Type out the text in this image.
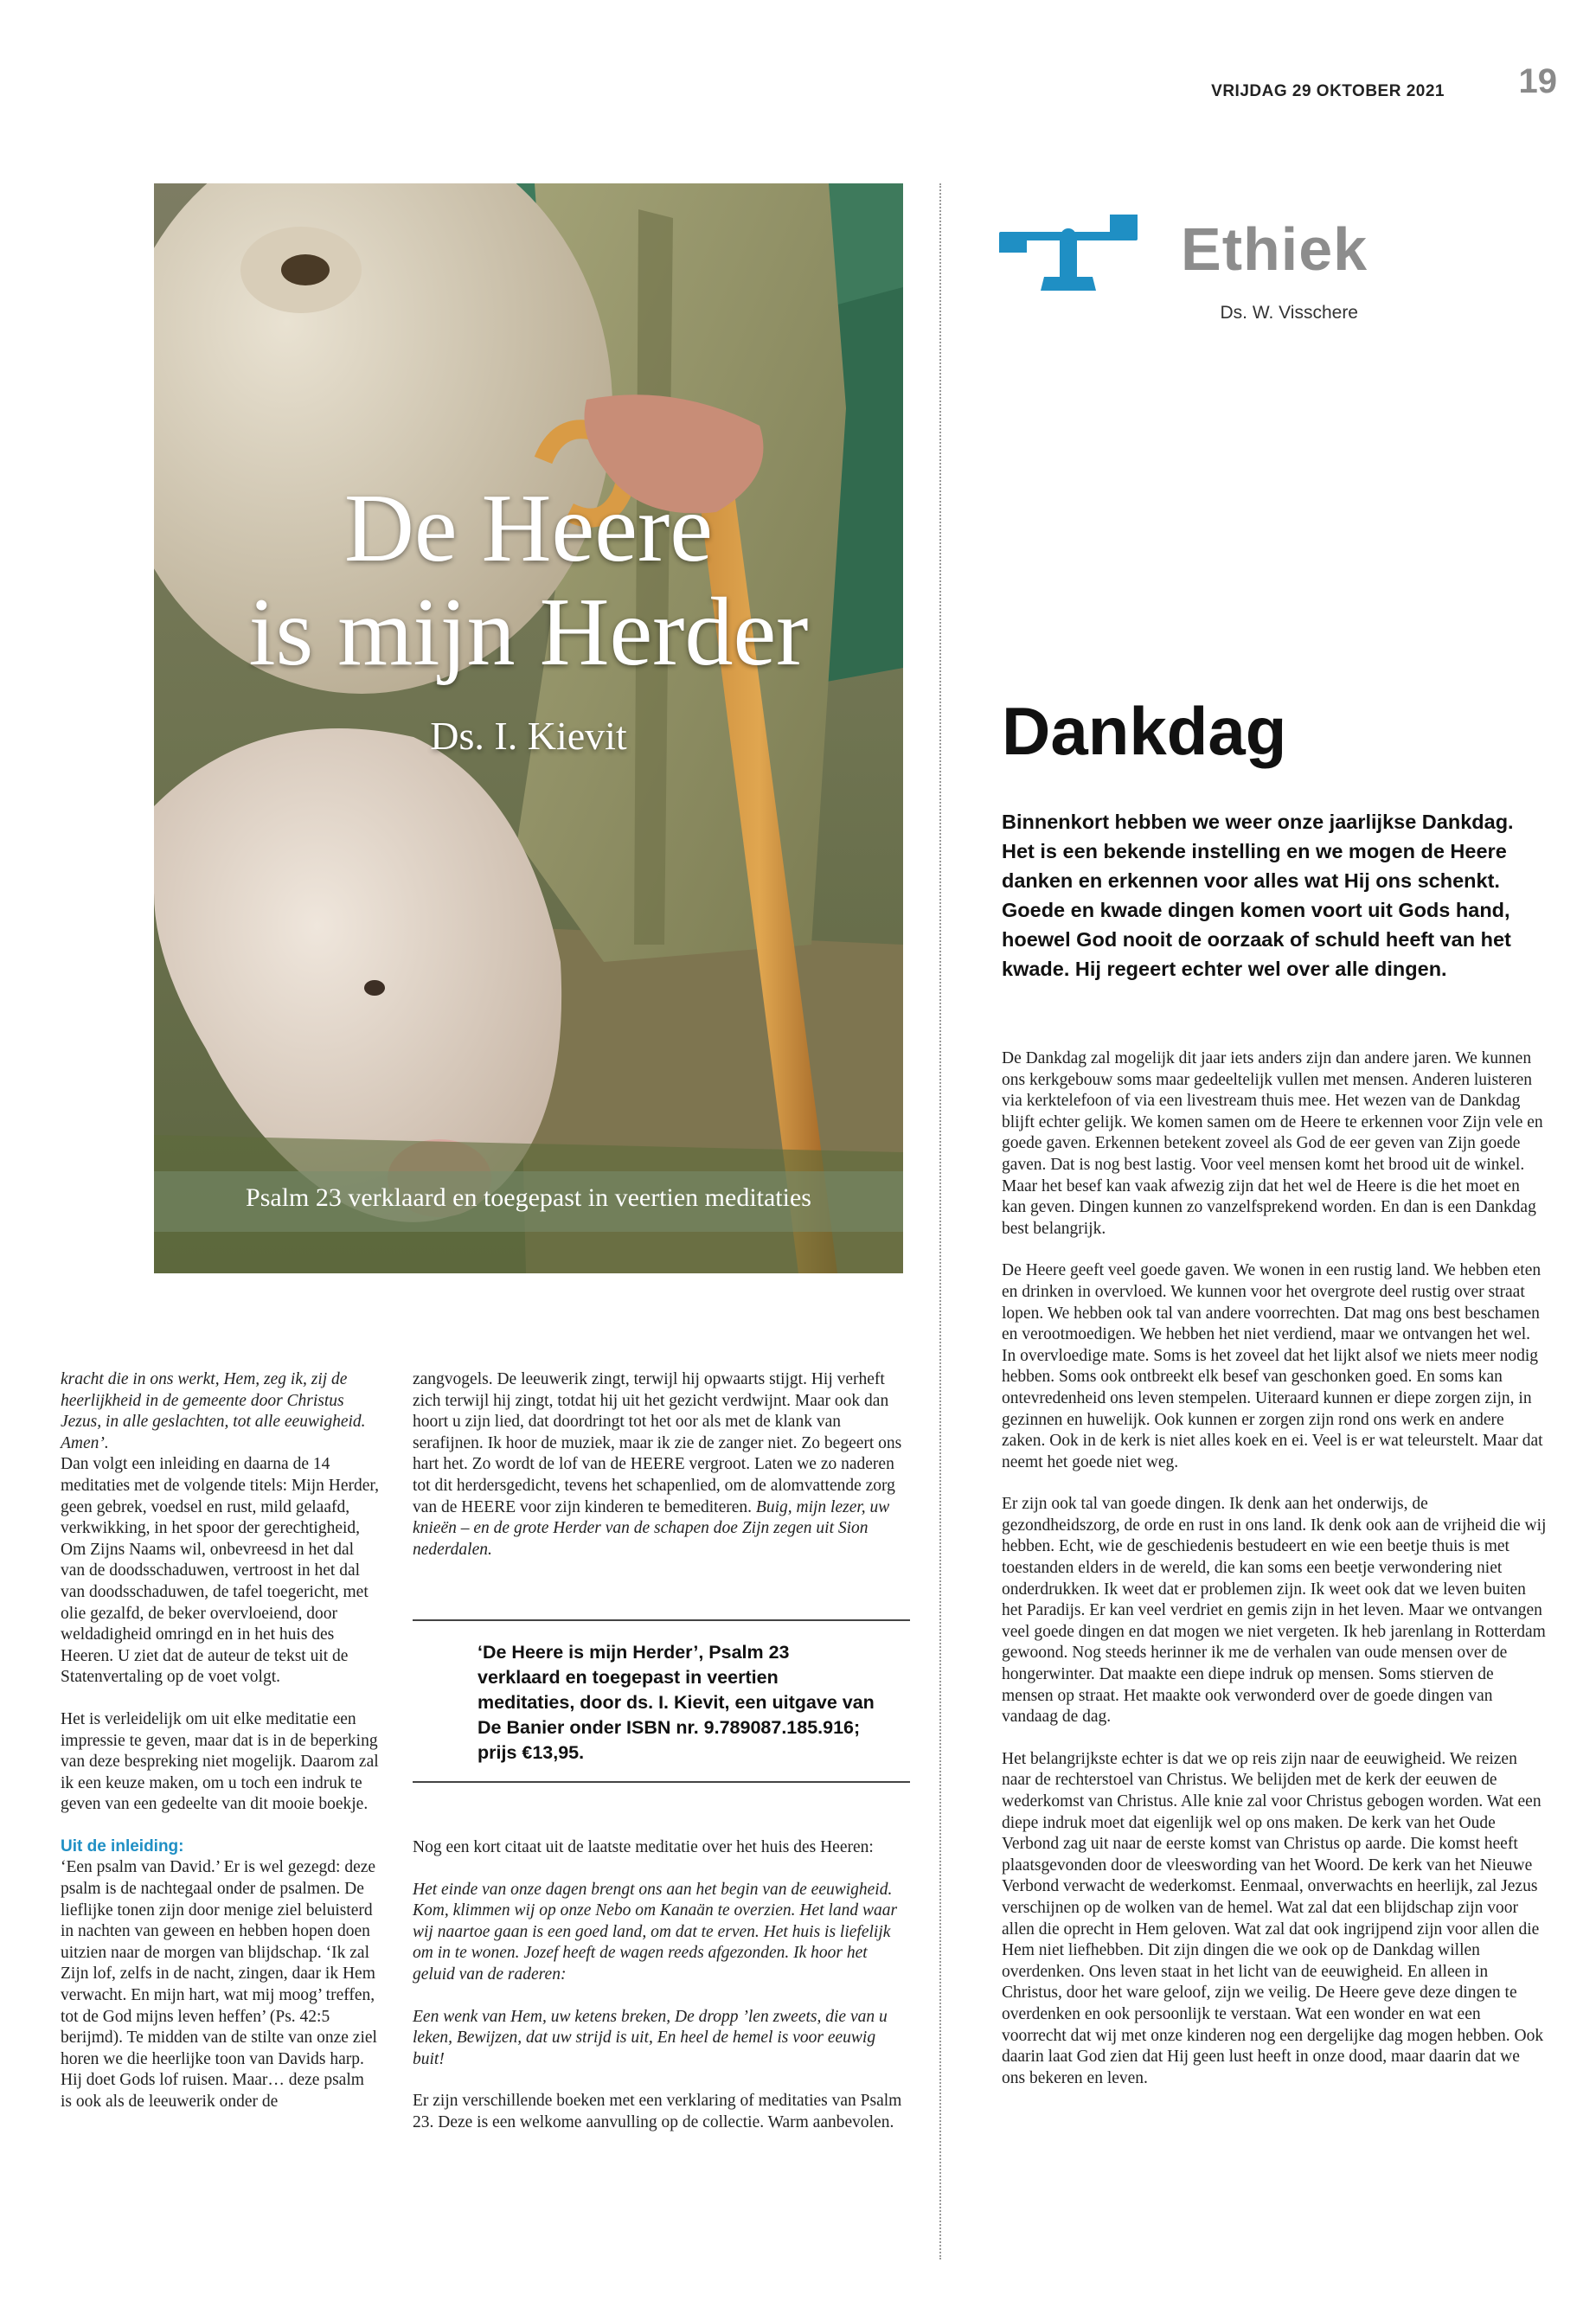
VRIJDAG 29 OKTOBER 2021	19
De Heere
is mijn Herder
Ds. I. Kievit
Psalm 23 verklaard en toegepast in veertien meditaties
Ethiek
Ds. W. Visschere
Dankdag
Binnenkort hebben we weer onze jaarlijkse Dankdag. Het is een bekende instelling en we mogen de Heere danken en erkennen voor alles wat Hij ons schenkt. Goede en kwade dingen komen voort uit Gods hand, hoewel God nooit de oorzaak of schuld heeft van het kwade. Hij regeert echter wel over alle dingen.

De Dankdag zal mogelijk dit jaar iets anders zijn dan andere jaren. We kunnen ons kerkgebouw soms maar gedeeltelijk vullen met mensen. Anderen luisteren via kerktelefoon of via een livestream thuis mee. Het wezen van de Dankdag blijft echter gelijk. We komen samen om de Heere te erkennen voor Zijn vele en goede gaven. Erkennen betekent zoveel als God de eer geven van Zijn goede gaven. Dat is nog best lastig. Voor veel mensen komt het brood uit de winkel. Maar het besef kan vaak afwezig zijn dat het wel de Heere is die het moet en kan geven. Dingen kunnen zo vanzelfsprekend worden. En dan is een Dankdag best belangrijk.

De Heere geeft veel goede gaven. We wonen in een rustig land. We hebben eten en drinken in overvloed. We kunnen voor het overgrote deel rustig over straat lopen. We hebben ook tal van andere voorrechten. Dat mag ons best beschamen en verootmoedigen. We hebben het niet verdiend, maar we ontvangen het wel. In overvloedige mate. Soms is het zoveel dat het lijkt alsof we niets meer nodig hebben. Soms ook ontbreekt elk besef van geschonken goed. En soms kan ontevredenheid ons leven stempelen. Uiteraard kunnen er diepe zorgen zijn, in gezinnen en huwelijk. Ook kunnen er zorgen zijn rond ons werk en andere zaken. Ook in de kerk is niet alles koek en ei. Veel is er wat teleurstelt. Maar dat neemt het goede niet weg.

Er zijn ook tal van goede dingen. Ik denk aan het onderwijs, de gezondheidszorg, de orde en rust in ons land. Ik denk ook aan de vrijheid die wij hebben. Echt, wie de geschiedenis bestudeert en wie een beetje thuis is met toestanden elders in de wereld, die kan soms een beetje verwondering niet onderdrukken. Ik weet dat er problemen zijn. Ik weet ook dat we leven buiten het Paradijs. Er kan veel verdriet en gemis zijn in het leven. Maar we ontvangen veel goede dingen en dat mogen we niet vergeten. Ik heb jarenlang in Rotterdam gewoond. Nog steeds herinner ik me de verhalen van oude mensen over de hongerwinter. Dat maakte een diepe indruk op mensen. Soms stierven de mensen op straat. Het maakte ook verwonderd over de goede dingen van vandaag de dag.

Het belangrijkste echter is dat we op reis zijn naar de eeuwigheid. We reizen naar de rechterstoel van Christus. We belijden met de kerk der eeuwen de wederkomst van Christus. Alle knie zal voor Christus gebogen worden. Wat een diepe indruk moet dat eigenlijk wel op ons maken. De kerk van het Oude Verbond zag uit naar de eerste komst van Christus op aarde. Die komst heeft plaatsgevonden door de vleeswording van het Woord. De kerk van het Nieuwe Verbond verwacht de wederkomst. Eenmaal, onverwachts en heerlijk, zal Jezus verschijnen op de wolken van de hemel. Wat zal dat een blijdschap zijn voor allen die oprecht in Hem geloven. Wat zal dat ook ingrijpend zijn voor allen die Hem niet liefhebben. Dit zijn dingen die we ook op de Dankdag willen overdenken. Ons leven staat in het licht van de eeuwigheid. En alleen in Christus, door het ware geloof, zijn we veilig. De Heere geve deze dingen te overdenken en ook persoonlijk te verstaan. Wat een wonder en wat een voorrecht dat wij met onze kinderen nog een dergelijke dag mogen hebben. Ook daarin laat God zien dat Hij geen lust heeft in onze dood, maar daarin dat we ons bekeren en leven.

kracht die in ons werkt, Hem, zeg ik, zij de heerlijkheid in de gemeente door Christus Jezus, in alle geslachten, tot alle eeuwigheid. Amen’.

Dan volgt een inleiding en daarna de 14 meditaties met de volgende titels: Mijn Herder, geen gebrek, voedsel en rust, mild gelaafd, verkwikking, in het spoor der gerechtigheid, Om Zijns Naams wil, onbevreesd in het dal van de doodsschaduwen, vertroost in het dal van doodsschaduwen, de tafel toegericht, met olie gezalfd, de beker overvloeiend, door weldadigheid omringd en in het huis des Heeren. U ziet dat de auteur de tekst uit de Statenvertaling op de voet volgt.

Het is verleidelijk om uit elke meditatie een impressie te geven, maar dat is in de beperking van deze bespreking niet mogelijk. Daarom zal ik een keuze maken, om u toch een indruk te geven van een gedeelte van dit mooie boekje.

Uit de inleiding:
‘Een psalm van David.’ Er is wel gezegd: deze psalm is de nachtegaal onder de psalmen. De lieflijke tonen zijn door menige ziel beluisterd in nachten van geween en hebben hopen doen uitzien naar de morgen van blijdschap. ‘Ik zal Zijn lof, zelfs in de nacht, zingen, daar ik Hem verwacht. En mijn hart, wat mij moog’ treffen, tot de God mijns leven heffen’ (Ps. 42:5 berijmd). Te midden van de stilte van onze ziel horen we die heerlijke toon van Davids harp. Hij doet Gods lof ruisen. Maar… deze psalm is ook als de leeuwerik onder de
zangvogels. De leeuwerik zingt, terwijl hij opwaarts stijgt. Hij verheft zich terwijl hij zingt, totdat hij uit het gezicht verdwijnt. Maar ook dan hoort u zijn lied, dat doordringt tot het oor als met de klank van serafijnen. Ik hoor de muziek, maar ik zie de zanger niet. Zo begeert ons hart het. Zo wordt de lof van de HEERE vergroot. Laten we zo naderen tot dit herdersgedicht, tevens het schapenlied, om de alomvattende zorg van de HEERE voor zijn kinderen te bemediteren. Buig, mijn lezer, uw knieën – en de grote Herder van de schapen doe Zijn zegen uit Sion nederdalen.
‘De Heere is mijn Herder’, Psalm 23 verklaard en toegepast in veertien meditaties, door ds. I. Kievit, een uitgave van De Banier onder ISBN nr. 9.789087.185.916; prijs €13,95.

Nog een kort citaat uit de laatste meditatie over het huis des Heeren:

Het einde van onze dagen brengt ons aan het begin van de eeuwigheid. Kom, klimmen wij op onze Nebo om Kanaän te overzien. Het land waar wij naartoe gaan is een goed land, om dat te erven. Het huis is liefelijk om in te wonen. Jozef heeft de wagen reeds afgezonden. Ik hoor het geluid van de raderen:

Een wenk van Hem, uw ketens breken, De dropp ’len zweets, die van u leken, Bewijzen, dat uw strijd is uit, En heel de hemel is voor eeuwig buit!

Er zijn verschillende boeken met een verklaring of meditaties van Psalm 23. Deze is een welkome aanvulling op de collectie. Warm aanbevolen.
